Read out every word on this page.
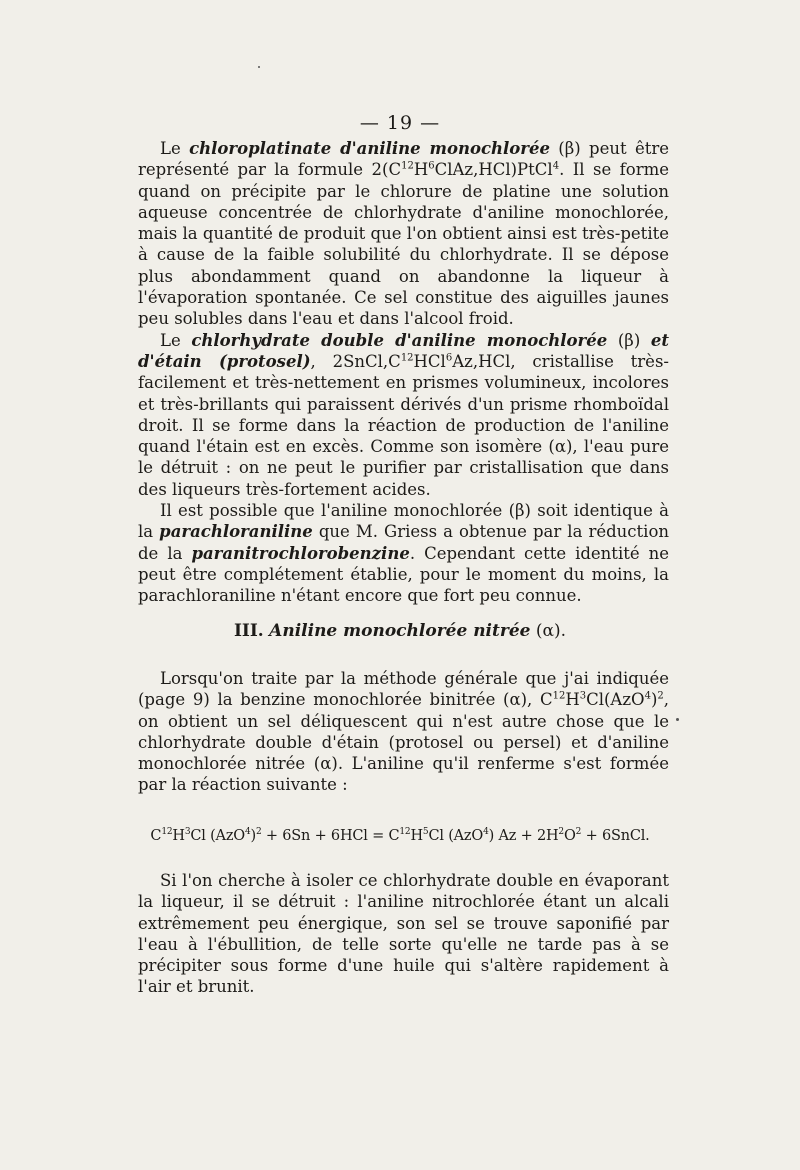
— 19 —

Le chloroplatinate d'aniline monochlorée (β) peut être représenté par la formule $2(C^{12}H^6ClAz,HCl)PtCl^4$. Il se forme quand on précipite par le chlorure de platine une solution aqueuse concentrée de chlorhydrate d'aniline monochlorée, mais la quantité de produit que l'on obtient ainsi est très-petite à cause de la faible solubilité du chlorhydrate. Il se dépose plus abondamment quand on abandonne la liqueur à l'évaporation spontanée. Ce sel constitue des aiguilles jaunes peu solubles dans l'eau et dans l'alcool froid.

Le chlorhydrate double d'aniline monochlorée (β) et d'étain (protosel), $2SnCl,C^{12}HCl^6Az,HCl$, cristallise très-facilement et très-nettement en prismes volumineux, incolores et très-brillants qui paraissent dérivés d'un prisme rhomboïdal droit. Il se forme dans la réaction de production de l'aniline quand l'étain est en excès. Comme son isomère (α), l'eau pure le détruit : on ne peut le purifier par cristallisation que dans des liqueurs très-fortement acides.

Il est possible que l'aniline monochlorée (β) soit identique à la parachloraniline que M. Griess a obtenue par la réduction de la paranitrochlorobenzine. Cependant cette identité ne peut être complétement établie, pour le moment du moins, la parachloraniline n'étant encore que fort peu connue.

III. Aniline monochlorée nitrée (α).

Lorsqu'on traite par la méthode générale que j'ai indiquée (page 9) la benzine monochlorée binitrée (α), $C^{12}H^3Cl(AzO^4)^2$, on obtient un sel déliquescent qui n'est autre chose que le chlorhydrate double d'étain (protosel ou persel) et d'aniline monochlorée nitrée (α). L'aniline qu'il renferme s'est formée par la réaction suivante :

$C^{12}H^3Cl$ $(AzO^4)^2 + 6Sn + 6HCl = C^{12}H^5Cl$ (AzO$^4$) $Az + 2H^2O^2$ + 6SnCl.

Si l'on cherche à isoler ce chlorhydrate double en évaporant la liqueur, il se détruit : l'aniline nitrochlorée étant un alcali extrêmement peu énergique, son sel se trouve saponifié par l'eau à l'ébullition, de telle sorte qu'elle ne tarde pas à se précipiter sous forme d'une huile qui s'altère rapidement à l'air et brunit.
